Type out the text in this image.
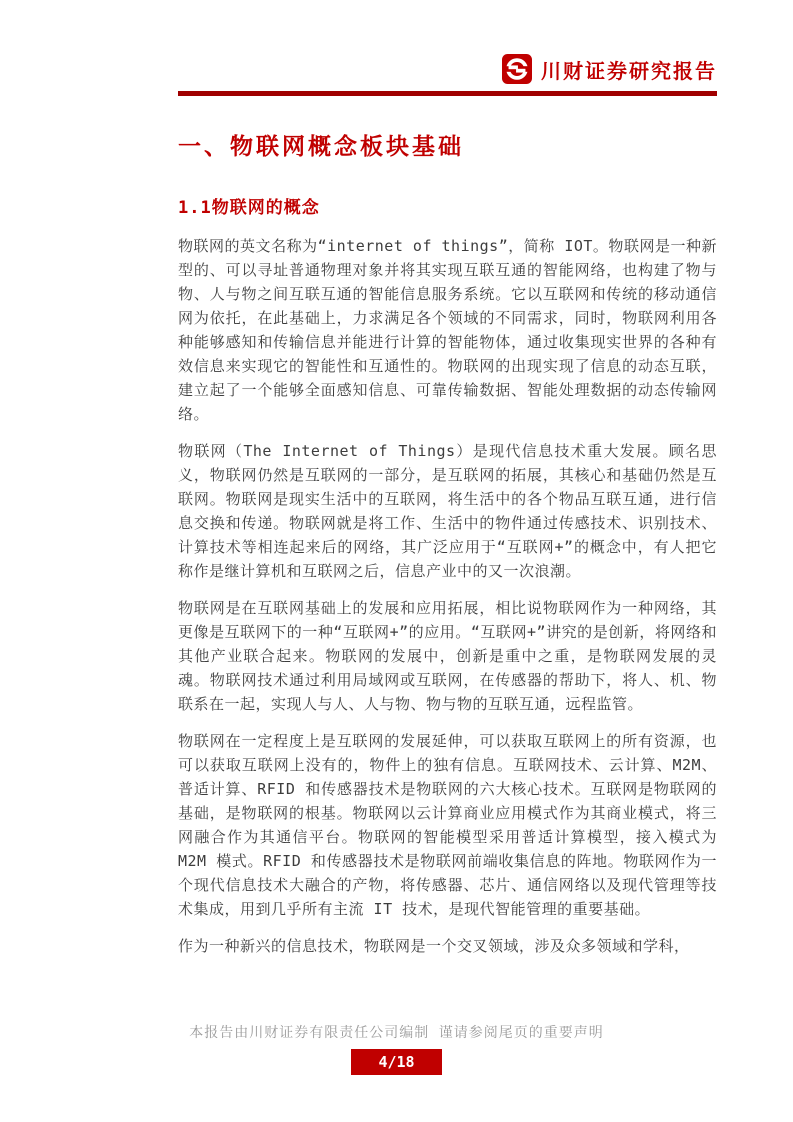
川财证券研究报告
一、物联网概念板块基础
1.1物联网的概念

物联网的英文名称为“internet of things”，简称 IOT。物联网是一种新型的、可以寻址普通物理对象并将其实现互联互通的智能网络，也构建了物与物、人与物之间互联互通的智能信息服务系统。它以互联网和传统的移动通信网为依托，在此基础上，力求满足各个领域的不同需求，同时，物联网利用各种能够感知和传输信息并能进行计算的智能物体，通过收集现实世界的各种有效信息来实现它的智能性和互通性的。物联网的出现实现了信息的动态互联，建立起了一个能够全面感知信息、可靠传输数据、智能处理数据的动态传输网络。

物联网（The Internet of Things）是现代信息技术重大发展。顾名思义，物联网仍然是互联网的一部分，是互联网的拓展，其核心和基础仍然是互联网。物联网是现实生活中的互联网，将生活中的各个物品互联互通，进行信息交换和传递。物联网就是将工作、生活中的物件通过传感技术、识别技术、计算技术等相连起来后的网络，其广泛应用于“互联网+”的概念中，有人把它称作是继计算机和互联网之后，信息产业中的又一次浪潮。

物联网是在互联网基础上的发展和应用拓展，相比说物联网作为一种网络，其更像是互联网下的一种“互联网+”的应用。“互联网+”讲究的是创新，将网络和其他产业联合起来。物联网的发展中，创新是重中之重，是物联网发展的灵魂。物联网技术通过利用局域网或互联网，在传感器的帮助下，将人、机、物联系在一起，实现人与人、人与物、物与物的互联互通，远程监管。

物联网在一定程度上是互联网的发展延伸，可以获取互联网上的所有资源，也可以获取互联网上没有的，物件上的独有信息。互联网技术、云计算、M2M、普适计算、RFID 和传感器技术是物联网的六大核心技术。互联网是物联网的基础，是物联网的根基。物联网以云计算商业应用模式作为其商业模式，将三网融合作为其通信平台。物联网的智能模型采用普适计算模型，接入模式为 M2M 模式。RFID 和传感器技术是物联网前端收集信息的阵地。物联网作为一个现代信息技术大融合的产物，将传感器、芯片、通信网络以及现代管理等技术集成，用到几乎所有主流 IT 技术，是现代智能管理的重要基础。

作为一种新兴的信息技术，物联网是一个交叉领域，涉及众多领域和学科，

本报告由川财证券有限责任公司编制 谨请参阅尾页的重要声明
4/18
